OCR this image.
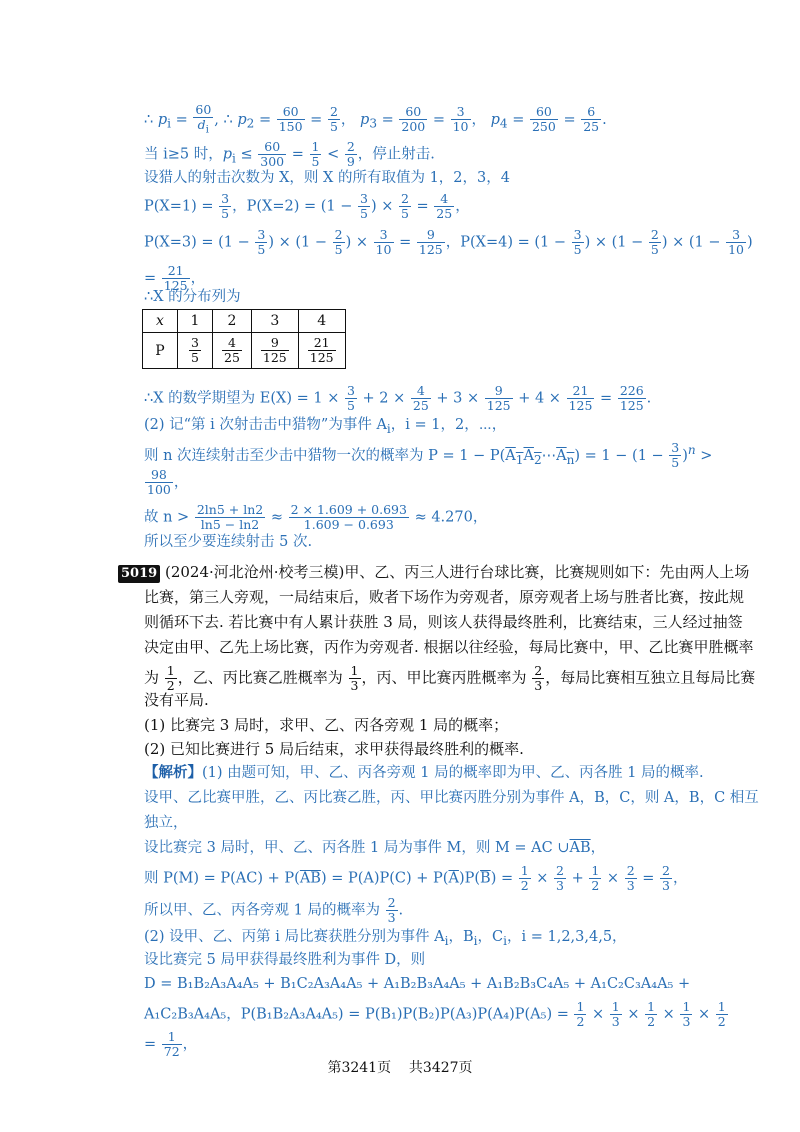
∴ $p_i = \frac{60}{d_i}$ , ∴ $p_2 = \frac{60}{150} = \frac{2}{5}$ ， $p_3 = \frac{60}{200} = \frac{3}{10}$ ， $p_4 = \frac{60}{250} = \frac{6}{25}$ .
当 i≥5 时，$p_i \le \frac{60}{300} = \frac{1}{5} < \frac{2}{9}$ ，停止射击.
设猎人的射击次数为 X，则 X 的所有取值为 1，2，3，4
$P(X=1) = \frac{3}{5}$ ，$P(X=2) = (1 - \frac{3}{5}$ ) × $\frac{2}{5} = \frac{4}{25}$ ，
$P(X=3) = (1 - \frac{3}{5}$ ) × ($1 - \frac{2}{5}$ ) × $\frac{3}{10} = \frac{9}{125}$ ，$P(X=4) = (1 - \frac{3}{5}$ ) × ($1 - \frac{2}{5}$ ) × ($1 - \frac{3}{10}$ )
= $\frac{21}{125}$ ，
∴X 的分布列为
x	1	2	3	4
P	$\frac{3}{5}$	$\frac{4}{25}$	$\frac{9}{125}$	$\frac{21}{125}$
∴X 的数学期望为 $E(X) = 1 \times \frac{3}{5} + 2 \times \frac{4}{25} + 3 \times \frac{9}{125} + 4 \times \frac{21}{125} = \frac{226}{125}$ .
(2) 记“第 i 次射击击中猎物”为事件 $A_i$，i = 1，2，⋯，
则 n 次连续射击至少击中猎物一次的概率为 $P = 1 - P(A_1A_2\cdots A_n) = 1 - (1 - \frac{3}{5} )^n$ >
$\frac{98}{100}$ ，
故 $n > \frac{2\ln 5 + \ln 2}{\ln 5 - \ln 2} \approx \frac{2 \times 1.609 + 0.693}{1.609 - 0.693} \approx 4.270$，
所以至少要连续射击 5 次.
5019 (2024·河北沧州·校考三模)甲、乙、丙三人进行台球比赛，比赛规则如下：先由两人上场
比赛，第三人旁观，一局结束后，败者下场作为旁观者，原旁观者上场与胜者比赛，按此规
则循环下去. 若比赛中有人累计获胜 3 局，则该人获得最终胜利，比赛结束，三人经过抽签
决定由甲、乙先上场比赛，丙作为旁观者. 根据以往经验，每局比赛中，甲、乙比赛甲胜概率
为 $\frac{1}{2}$ ，乙、丙比赛乙胜概率为 $\frac{1}{3}$ ，丙、甲比赛丙胜概率为 $\frac{2}{3}$ ，每局比赛相互独立且每局比赛
没有平局.
(1) 比赛完 3 局时，求甲、乙、丙各旁观 1 局的概率；
(2) 已知比赛进行 5 局后结束，求甲获得最终胜利的概率.
【解析】(1) 由题可知，甲、乙、丙各旁观 1 局的概率即为甲、乙、丙各胜 1 局的概率.
设甲、乙比赛甲胜，乙、丙比赛乙胜，丙、甲比赛丙胜分别为事件 A，B，C，则 A，B，C 相互
独立，
设比赛完 3 局时，甲、乙、丙各胜 1 局为事件 M，则 M = AC $\cup\overline{AB}$，
则 $P(M) = P(AC) + P(\overline{AB}) = P(A)P(C) + P(\overline{A})P(\overline{B}) = \frac{1}{2} \times \frac{2}{3} + \frac{1}{2} \times \frac{2}{3} = \frac{2}{3}$ ，
所以甲、乙、丙各旁观 1 局的概率为 $\frac{2}{3}$ .
(2) 设甲、乙、丙第 i 局比赛获胜分别为事件 $A_i$，$B_i$，$C_i$，i = 1,2,3,4,5，
设比赛完 5 局甲获得最终胜利为事件 D，则
D = B₁B₂A₃A₄A₅ + B₁C₂A₃A₄A₅ + A₁B₂B₃A₄A₅ + A₁B₂B₃C₄A₅ + A₁C₂C₃A₄A₅ +
A₁C₂B₃A₄A₅，$P(B_1B_2A_3A_4A_5) = P(B_1)P(B_2)P(A_3)P(A_4)P(A_5) = \frac{1}{2} \times \frac{1}{3} \times \frac{1}{2} \times \frac{1}{3} \times \frac{1}{2}$
= $\frac{1}{72}$ ，
第3241页 共3427页
